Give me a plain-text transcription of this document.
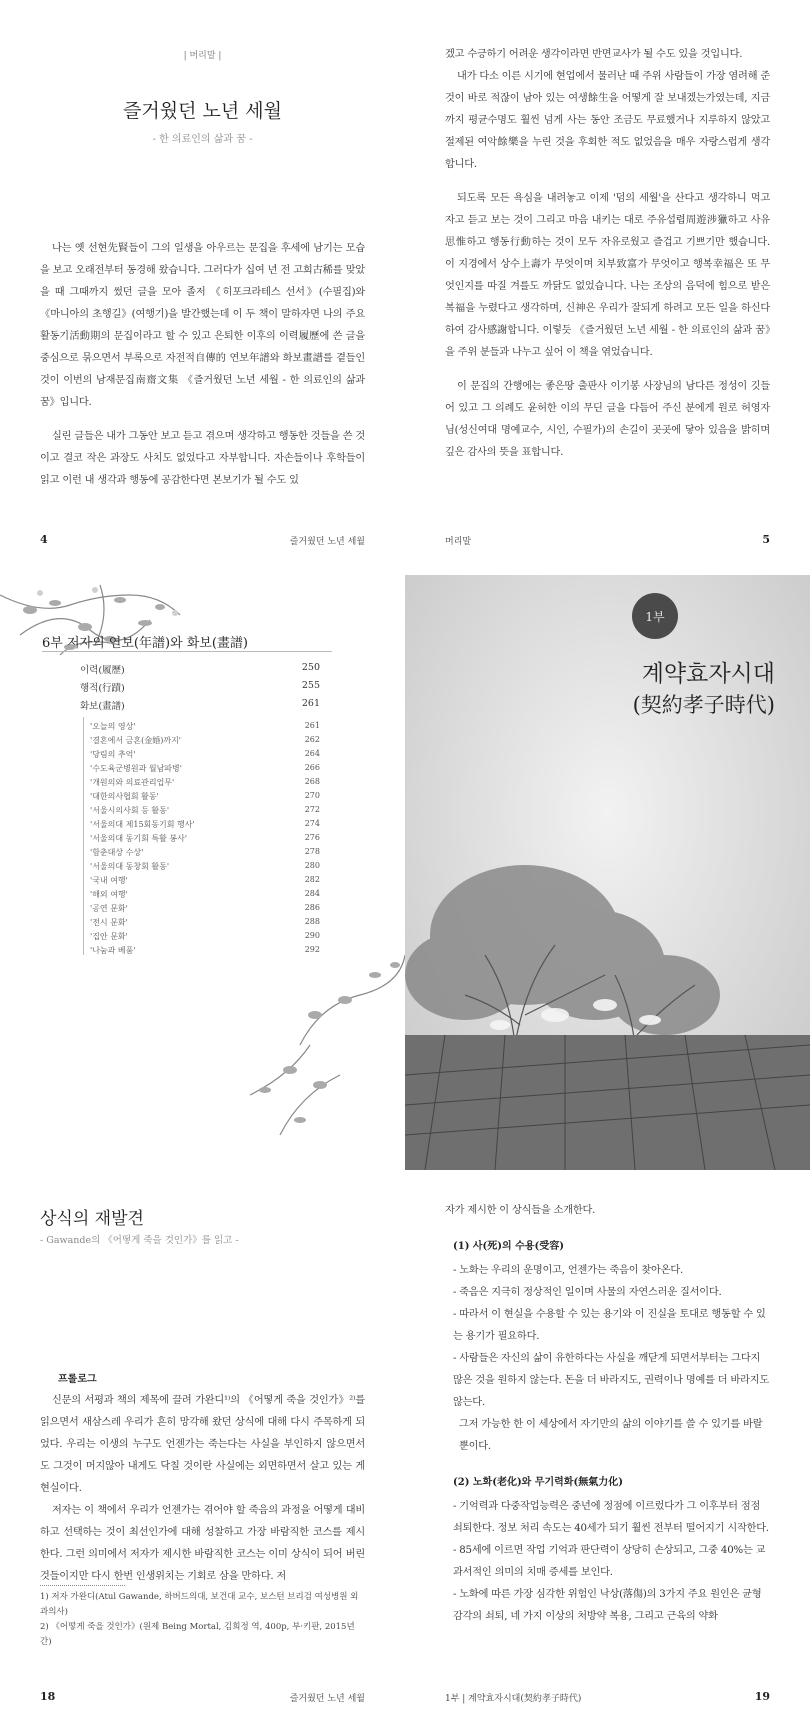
| 머리말 |
즐거웠던 노년 세월
- 한 의료인의 삶과 꿈 -

나는 옛 선현先賢들이 그의 일생을 아우르는 문집을 후세에 남기는 모습을 보고 오래전부터 동경해 왔습니다. 그러다가 십여 년 전 고희古稀를 맞았을 때 그때까지 썼던 글을 모아 졸저 《히포크라테스 선서》(수필집)와 《마니아의 초행길》(여행기)을 발간했는데 이 두 책이 말하자면 나의 주요 활동기活動期의 문집이라고 할 수 있고 은퇴한 이후의 이력履歷에 쓴 글을 중심으로 묶으면서 부록으로 자전적自傳的 연보年譜와 화보畫譜를 곁들인 것이 이번의 남재문집南齋文集 《즐거웠던 노년 세월 - 한 의료인의 삶과 꿈》입니다.

실린 글들은 내가 그동안 보고 듣고 겪으며 생각하고 행동한 것들을 쓴 것이고 결코 작은 과장도 사치도 없었다고 자부합니다. 자손들이나 후학들이 읽고 이런 내 생각과 행동에 공감한다면 본보기가 될 수도 있

4	즐거웠던 노년 세월

겠고 수긍하기 어려운 생각이라면 반면교사가 될 수도 있을 것입니다.

내가 다소 이른 시기에 현업에서 물러난 때 주위 사람들이 가장 염려해 준 것이 바로 적잖이 남아 있는 여생餘生을 어떻게 잘 보내겠는가였는데, 지금까지 평균수명도 훨씬 넘게 사는 동안 조금도 무료했거나 지루하지 않았고 절제된 여악餘樂을 누린 것을 후회한 적도 없었음을 매우 자랑스럽게 생각합니다.

되도록 모든 욕심을 내려놓고 이제 '덤의 세월'을 산다고 생각하니 먹고 자고 듣고 보는 것이 그리고 마음 내키는 대로 주유섭렵周遊涉獵하고 사유思惟하고 행동行動하는 것이 모두 자유로웠고 즐겁고 기쁘기만 했습니다. 이 지경에서 상수上壽가 무엇이며 치부致富가 무엇이고 행복幸福은 또 무엇인지를 따질 겨를도 까닭도 없었습니다. 나는 조상의 음덕에 힘으로 받은 복福을 누렸다고 생각하며, 신神은 우리가 잘되게 하려고 모든 일을 하신다 하여 감사感謝합니다. 이렇듯 《즐거웠던 노년 세월 - 한 의료인의 삶과 꿈》을 주위 분들과 나누고 싶어 이 책을 엮었습니다.

이 문집의 간행에는 좋은땅 출판사 이기봉 사장님의 남다른 정성이 깃들어 있고 그 의례도 윤허한 이의 무딘 글을 다듬어 주신 분에게 원로 허영자 님(성신여대 명예교수, 시인, 수필가)의 손길이 곳곳에 닿아 있음을 밝히며 깊은 감사의 뜻을 표합니다.

머리말	5
6부 저자의 연보(年譜)와 화보(畫譜)
이력(履歷)	250
행적(行蹟)	255
화보(畫譜)	261
'오늘의 영상'	261
'결혼에서 금혼(金婚)까지'	262
'당림의 추억'	264
'수도육군병원과 월남파병'	266
'개원의와 의료관리업무'	268
'대한의사협회 활동'	270
'서울시의사회 등 활동'	272
'서울의대 제15회동기회 행사'	274
'서울의대 동기회 특활 봉사'	276
'함춘대상 수상'	278
'서울의대 동창회 활동'	280
'국내 여행'	282
'해외 여행'	284
'공연 문화'	286
'전시 문화'	288
'집안 문화'	290
'나눔과 베품'	292
1부
계약효자시대
(契約孝子時代)
상식의 재발견
- Gawande의 《어떻게 죽을 것인가》를 읽고 -
프롤로그

신문의 서평과 책의 제목에 끌려 가완디¹⁾의 《어떻게 죽을 것인가》²⁾를 읽으면서 새삼스레 우리가 흔히 망각해 왔던 상식에 대해 다시 주목하게 되었다. 우리는 이생의 누구도 언젠가는 죽는다는 사실을 부인하지 않으면서도 그것이 머지않아 내게도 닥칠 것이란 사실에는 외면하면서 살고 있는 게 현실이다.

저자는 이 책에서 우리가 언젠가는 겪어야 할 죽음의 과정을 어떻게 대비하고 선택하는 것이 최선인가에 대해 성찰하고 가장 바람직한 코스를 제시한다. 그런 의미에서 저자가 제시한 바람직한 코스는 이미 상식이 되어 버린 것들이지만 다시 한번 인생위치는 기회로 삼을 만하다. 저

1) 저자 가완디(Atul Gawande, 하버드의대, 보건대 교수, 보스턴 브리검 여성병원 외과의사)

2) 《어떻게 죽을 것인가》(원제 Being Mortal, 김희정 역, 400p, 부·키판, 2015년 간)

18	즐거웠던 노년 세월

자가 제시한 이 상식들을 소개한다.

(1) 사(死)의 수용(受容)

- 노화는 우리의 운명이고, 언젠가는 죽음이 찾아온다.

- 죽음은 지극히 정상적인 일이며 사물의 자연스러운 질서이다.

- 따라서 이 현실을 수용할 수 있는 용기와 이 진실을 토대로 행동할 수 있는 용기가 필요하다.

- 사람들은 자신의 삶이 유한하다는 사실을 깨닫게 되면서부터는 그다지 많은 것을 원하지 않는다. 돈을 더 바라지도, 권력이나 명예를 더 바라지도 않는다.

그저 가능한 한 이 세상에서 자기만의 삶의 이야기를 쓸 수 있기를 바랄 뿐이다.

(2) 노화(老化)와 무기력화(無氣力化)

- 기억력과 다중작업능력은 중년에 정점에 이르렀다가 그 이후부터 점점 쇠퇴한다. 정보 처리 속도는 40세가 되기 훨씬 전부터 떨어지기 시작한다.

- 85세에 이르면 작업 기억과 판단력이 상당히 손상되고, 그중 40%는 교과서적인 의미의 치매 증세를 보인다.

- 노화에 따른 가장 심각한 위험인 낙상(落傷)의 3가지 주요 원인은 균형감각의 쇠퇴, 네 가지 이상의 처방약 복용, 그리고 근육의 약화

1부 | 계약효자시대(契約孝子時代)	19
